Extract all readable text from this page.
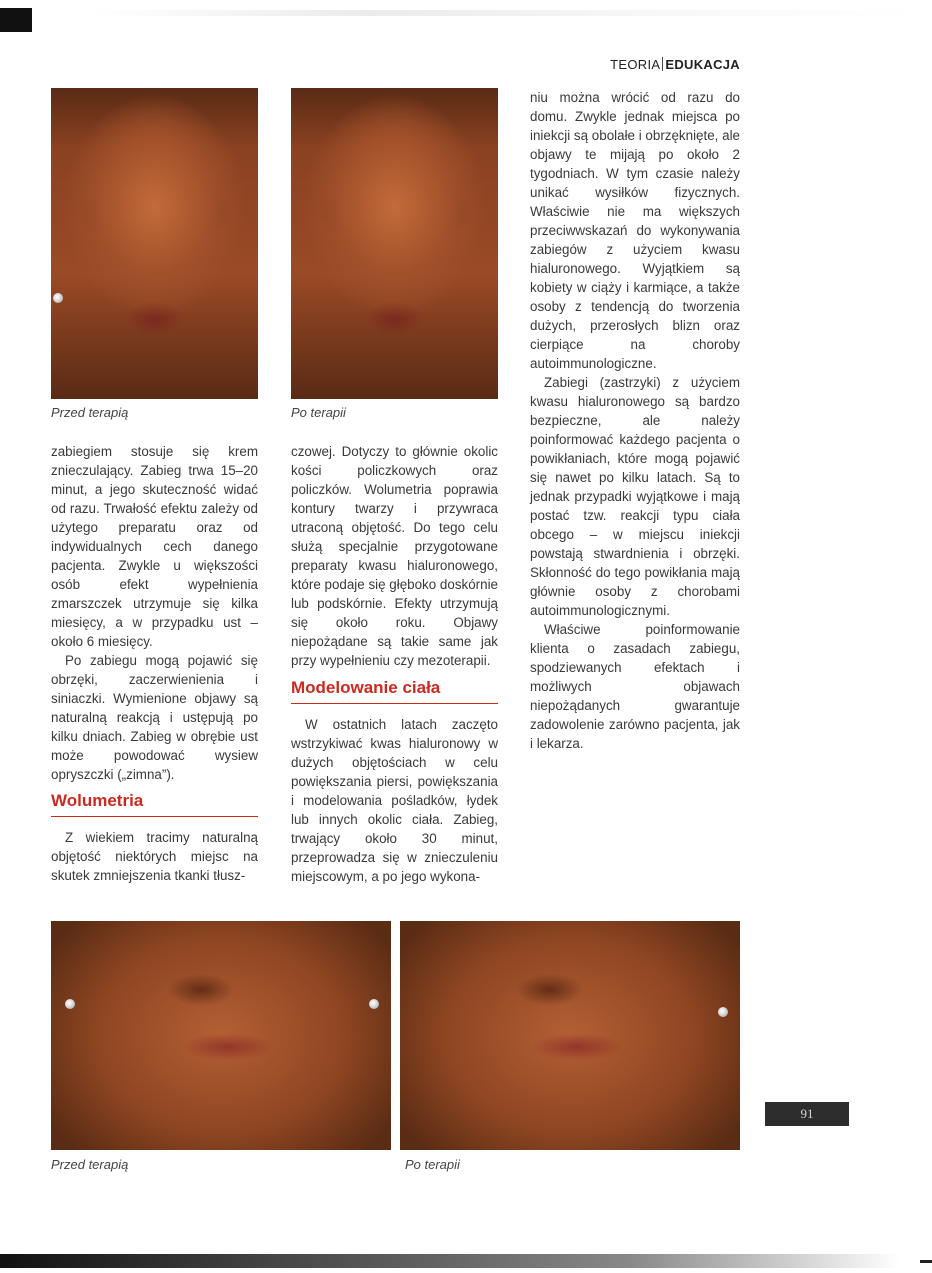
TEORIA EDUKACJA
Przed terapią	Po terapii

zabiegiem stosuje się krem znieczulający. Zabieg trwa 15–20 minut, a jego skuteczność widać od razu. Trwałość efektu zależy od użytego preparatu oraz od indywidualnych cech danego pacjenta. Zwykle u większości osób efekt wypełnienia zmarszczek utrzymuje się kilka miesięcy, a w przypadku ust – około 6 miesięcy.

Po zabiegu mogą pojawić się obrzęki, zaczerwienienia i siniaczki. Wymienione objawy są naturalną reakcją i ustępują po kilku dniach. Zabieg w obrębie ust może powodować wysiew opryszczki („zimna”).

Wolumetria

Z wiekiem tracimy naturalną objętość niektórych miejsc na skutek zmniejszenia tkanki tłusz-

czowej. Dotyczy to głównie okolic kości policzkowych oraz policzków. Wolumetria poprawia kontury twarzy i przywraca utraconą objętość. Do tego celu służą specjalnie przygotowane preparaty kwasu hialuronowego, które podaje się głęboko doskórnie lub podskórnie. Efekty utrzymują się około roku. Objawy niepożądane są takie same jak przy wypełnieniu czy mezoterapii.

Modelowanie ciała

W ostatnich latach zaczęto wstrzykiwać kwas hialuronowy w dużych objętościach w celu powiększania piersi, powiększania i modelowania pośladków, łydek lub innych okolic ciała. Zabieg, trwający około 30 minut, przeprowadza się w znieczuleniu miejscowym, a po jego wykona-

niu można wrócić od razu do domu. Zwykle jednak miejsca po iniekcji są obolałe i obrzęknięte, ale objawy te mijają po około 2 tygodniach. W tym czasie należy unikać wysiłków fizycznych. Właściwie nie ma większych przeciwwskazań do wykonywania zabiegów z użyciem kwasu hialuronowego. Wyjątkiem są kobiety w ciąży i karmiące, a także osoby z tendencją do tworzenia dużych, przerosłych blizn oraz cierpiące na choroby autoimmunologiczne.

Zabiegi (zastrzyki) z użyciem kwasu hialuronowego są bardzo bezpieczne, ale należy poinformować każdego pacjenta o powikłaniach, które mogą pojawić się nawet po kilku latach. Są to jednak przypadki wyjątkowe i mają postać tzw. reakcji typu ciała obcego – w miejscu iniekcji powstają stwardnienia i obrzęki. Skłonność do tego powikłania mają głównie osoby z chorobami autoimmunologicznymi.

Właściwe poinformowanie klienta o zasadach zabiegu, spodziewanych efektach i możliwych objawach niepożądanych gwarantuje zadowolenie zarówno pacjenta, jak i lekarza.

Przed terapią	Po terapii
91
